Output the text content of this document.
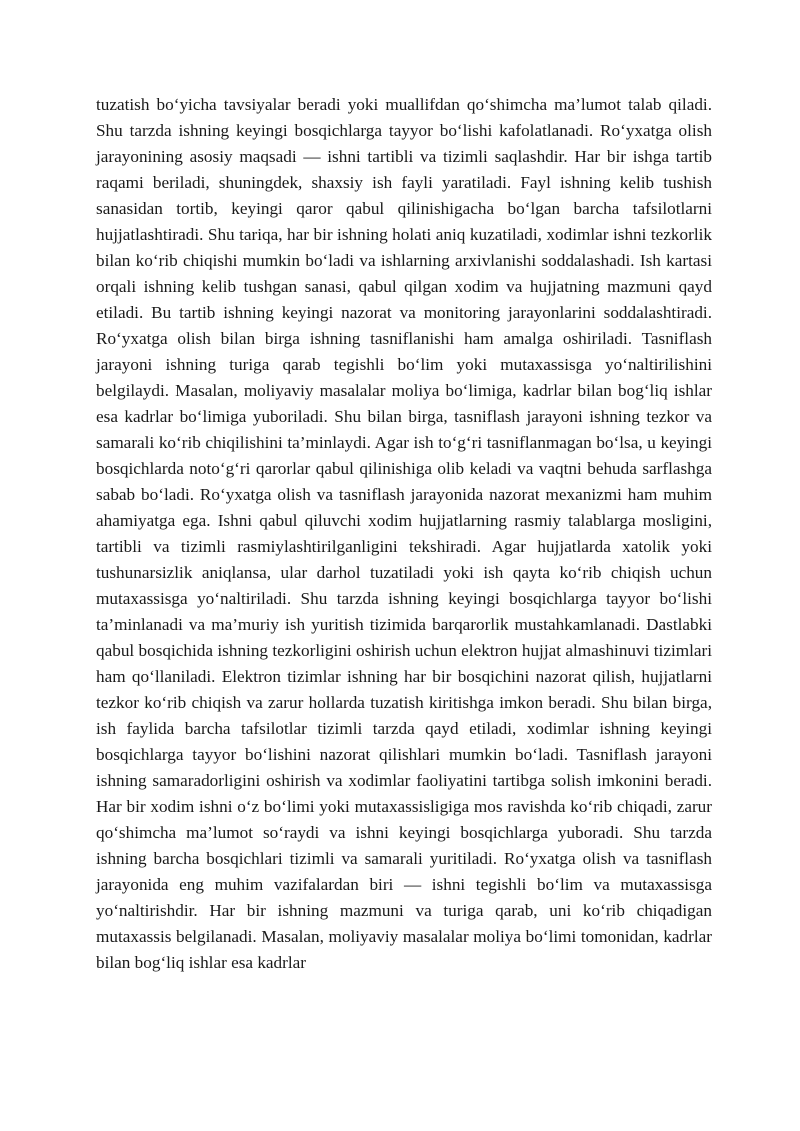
tuzatish bo‘yicha tavsiyalar beradi yoki muallifdan qo‘shimcha ma’lumot talab qiladi. Shu tarzda ishning keyingi bosqichlarga tayyor bo‘lishi kafolatlanadi. Ro‘yxatga olish jarayonining asosiy maqsadi — ishni tartibli va tizimli saqlashdir. Har bir ishga tartib raqami beriladi, shuningdek, shaxsiy ish fayli yaratiladi. Fayl ishning kelib tushish sanasidan tortib, keyingi qaror qabul qilinishigacha bo‘lgan barcha tafsilotlarni hujjatlashtiradi. Shu tariqa, har bir ishning holati aniq kuzatiladi, xodimlar ishni tezkorlik bilan ko‘rib chiqishi mumkin bo‘ladi va ishlarning arxivlanishi soddalashadi. Ish kartasi orqali ishning kelib tushgan sanasi, qabul qilgan xodim va hujjatning mazmuni qayd etiladi. Bu tartib ishning keyingi nazorat va monitoring jarayonlarini soddalashtiradi. Ro‘yxatga olish bilan birga ishning tasniflanishi ham amalga oshiriladi. Tasniflash jarayoni ishning turiga qarab tegishli bo‘lim yoki mutaxassisga yo‘naltirilishini belgilaydi. Masalan, moliyaviy masalalar moliya bo‘limiga, kadrlar bilan bog‘liq ishlar esa kadrlar bo‘limiga yuboriladi. Shu bilan birga, tasniflash jarayoni ishning tezkor va samarali ko‘rib chiqilishini ta’minlaydi. Agar ish to‘g‘ri tasniflanmagan bo‘lsa, u keyingi bosqichlarda noto‘g‘ri qarorlar qabul qilinishiga olib keladi va vaqtni behuda sarflashga sabab bo‘ladi. Ro‘yxatga olish va tasniflash jarayonida nazorat mexanizmi ham muhim ahamiyatga ega. Ishni qabul qiluvchi xodim hujjatlarning rasmiy talablarga mosligini, tartibli va tizimli rasmiylashtirilganligini tekshiradi. Agar hujjatlarda xatolik yoki tushunarsizlik aniqlansa, ular darhol tuzatiladi yoki ish qayta ko‘rib chiqish uchun mutaxassisga yo‘naltiriladi. Shu tarzda ishning keyingi bosqichlarga tayyor bo‘lishi ta’minlanadi va ma’muriy ish yuritish tizimida barqarorlik mustahkamlanadi. Dastlabki qabul bosqichida ishning tezkorligini oshirish uchun elektron hujjat almashinuvi tizimlari ham qo‘llaniladi. Elektron tizimlar ishning har bir bosqichini nazorat qilish, hujjatlarni tezkor ko‘rib chiqish va zarur hollarda tuzatish kiritishga imkon beradi. Shu bilan birga, ish faylida barcha tafsilotlar tizimli tarzda qayd etiladi, xodimlar ishning keyingi bosqichlarga tayyor bo‘lishini nazorat qilishlari mumkin bo‘ladi. Tasniflash jarayoni ishning samaradorligini oshirish va xodimlar faoliyatini tartibga solish imkonini beradi. Har bir xodim ishni o‘z bo‘limi yoki mutaxassisligiga mos ravishda ko‘rib chiqadi, zarur qo‘shimcha ma’lumot so‘raydi va ishni keyingi bosqichlarga yuboradi. Shu tarzda ishning barcha bosqichlari tizimli va samarali yuritiladi. Ro‘yxatga olish va tasniflash jarayonida eng muhim vazifalardan biri — ishni tegishli bo‘lim va mutaxassisga yo‘naltirishdir. Har bir ishning mazmuni va turiga qarab, uni ko‘rib chiqadigan mutaxassis belgilanadi. Masalan, moliyaviy masalalar moliya bo‘limi tomonidan, kadrlar bilan bog‘liq ishlar esa kadrlar
